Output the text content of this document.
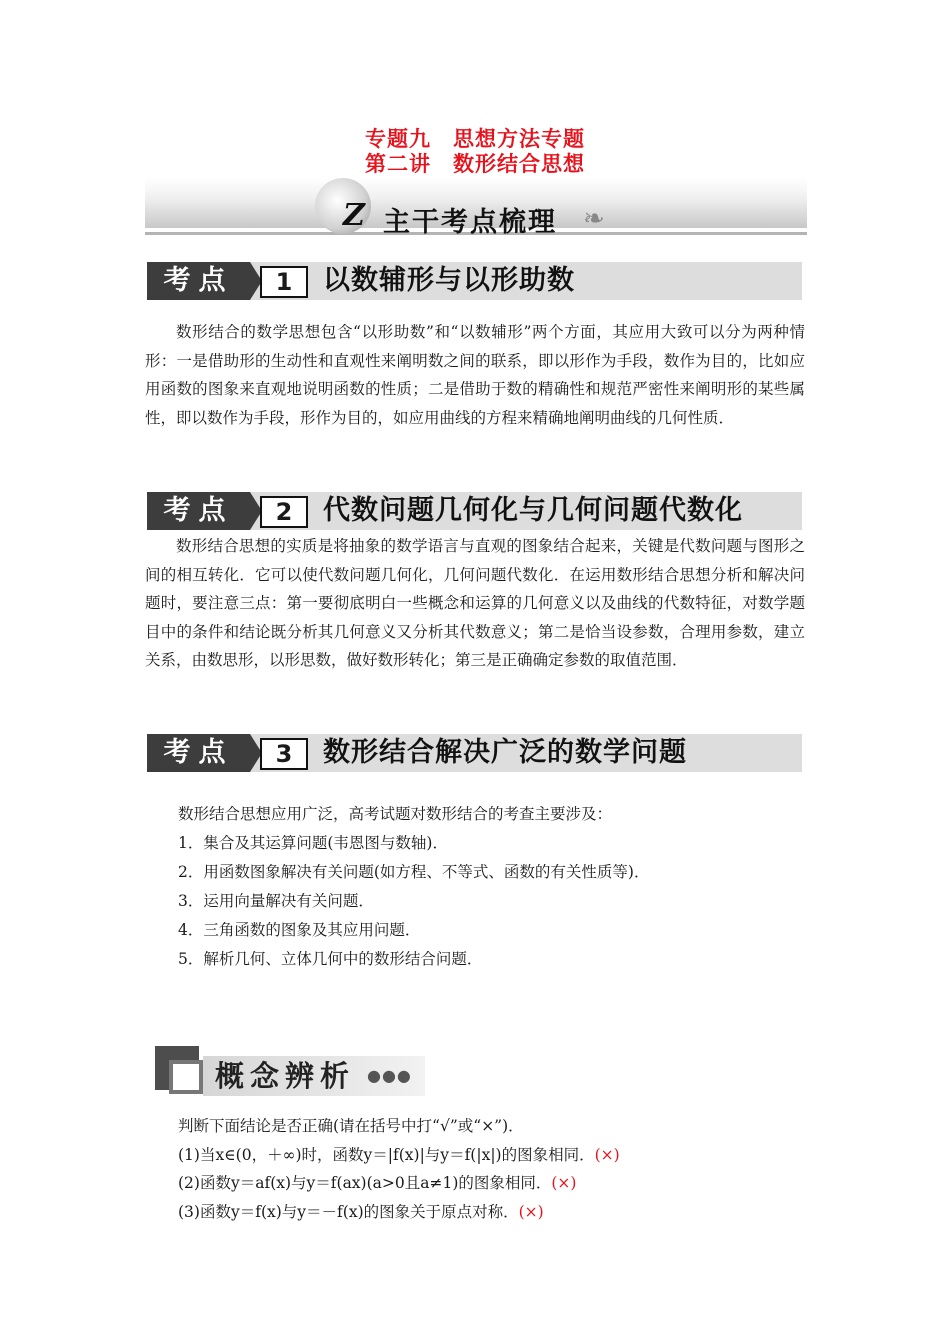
专题九　思想方法专题
第二讲　数形结合思想
Z 主干考点梳理 ❧
考点	1	以数辅形与以形助数
数形结合的数学思想包含“以形助数”和“以数辅形”两个方面，其应用大致可以分为两种情形：一是借助形的生动性和直观性来阐明数之间的联系，即以形作为手段，数作为目的，比如应用函数的图象来直观地说明函数的性质；二是借助于数的精确性和规范严密性来阐明形的某些属性，即以数作为手段，形作为目的，如应用曲线的方程来精确地阐明曲线的几何性质．
考点	2	代数问题几何化与几何问题代数化
数形结合思想的实质是将抽象的数学语言与直观的图象结合起来，关键是代数问题与图形之间的相互转化．它可以使代数问题几何化，几何问题代数化．在运用数形结合思想分析和解决问题时，要注意三点：第一要彻底明白一些概念和运算的几何意义以及曲线的代数特征，对数学题目中的条件和结论既分析其几何意义又分析其代数意义；第二是恰当设参数，合理用参数，建立关系，由数思形，以形思数，做好数形转化；第三是正确确定参数的取值范围．
考点	3	数形结合解决广泛的数学问题
数形结合思想应用广泛，高考试题对数形结合的考查主要涉及：
1．集合及其运算问题(韦恩图与数轴)．
2．用函数图象解决有关问题(如方程、不等式、函数的有关性质等)．
3．运用向量解决有关问题．
4．三角函数的图象及其应用问题．
5．解析几何、立体几何中的数形结合问题．
概念辨析 ●●●
判断下面结论是否正确(请在括号中打“√”或“×”)．
(1)当x∈(0，＋∞)时，函数y＝|f(x)|与y＝f(|x|)的图象相同．(×)
(2)函数y＝af(x)与y＝f(ax)(a>0且a≠1)的图象相同．(×)
(3)函数y＝f(x)与y＝－f(x)的图象关于原点对称．(×)
